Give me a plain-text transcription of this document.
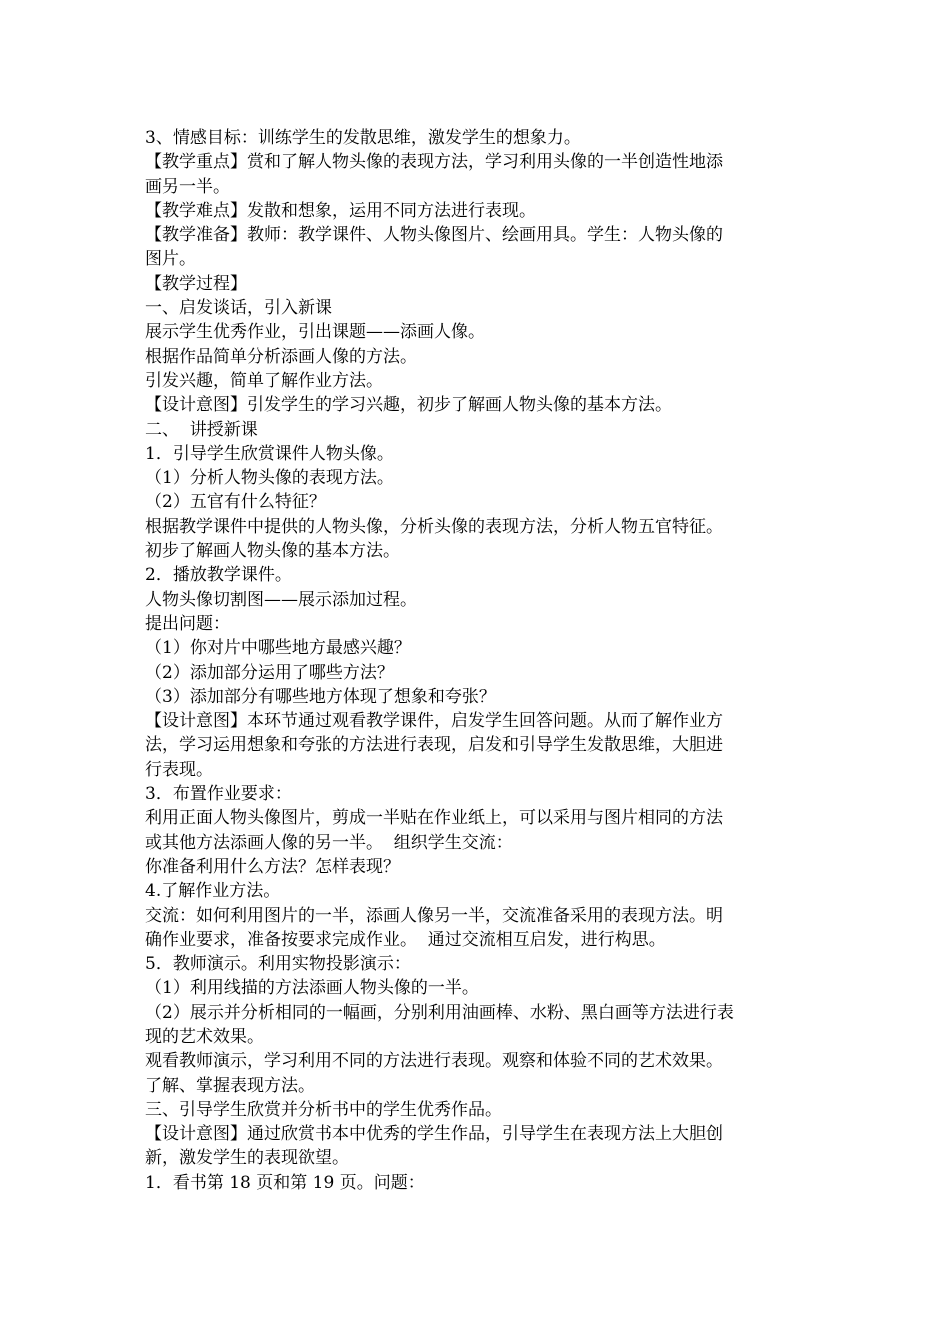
3、情感目标：训练学生的发散思维，激发学生的想象力。
【教学重点】赏和了解人物头像的表现方法，学习利用头像的一半创造性地添
画另一半。
【教学难点】发散和想象，运用不同方法进行表现。
【教学准备】教师：教学课件、人物头像图片、绘画用具。学生：人物头像的
图片。
【教学过程】
一、启发谈话，引入新课
展示学生优秀作业，引出课题——添画人像。
根据作品简单分析添画人像的方法。
引发兴趣，简单了解作业方法。
【设计意图】引发学生的学习兴趣，初步了解画人物头像的基本方法。
二、  讲授新课
1．引导学生欣赏课件人物头像。
（1）分析人物头像的表现方法。
（2）五官有什么特征？
根据教学课件中提供的人物头像，分析头像的表现方法，分析人物五官特征。
初步了解画人物头像的基本方法。
2．播放教学课件。
人物头像切割图——展示添加过程。
提出问题：
（1）你对片中哪些地方最感兴趣？
（2）添加部分运用了哪些方法？
（3）添加部分有哪些地方体现了想象和夸张？
【设计意图】本环节通过观看教学课件，启发学生回答问题。从而了解作业方
法，学习运用想象和夸张的方法进行表现，启发和引导学生发散思维，大胆进
行表现。
3．布置作业要求：
利用正面人物头像图片，剪成一半贴在作业纸上，可以采用与图片相同的方法
或其他方法添画人像的另一半。  组织学生交流：
你准备利用什么方法？怎样表现？
4.了解作业方法。
交流：如何利用图片的一半，添画人像另一半，交流准备采用的表现方法。明
确作业要求，准备按要求完成作业。  通过交流相互启发，进行构思。
5．教师演示。利用实物投影演示：
（1）利用线描的方法添画人物头像的一半。
（2）展示并分析相同的一幅画，分别利用油画棒、水粉、黑白画等方法进行表
现的艺术效果。
观看教师演示，学习利用不同的方法进行表现。观察和体验不同的艺术效果。
了解、掌握表现方法。
三、引导学生欣赏并分析书中的学生优秀作品。
【设计意图】通过欣赏书本中优秀的学生作品，引导学生在表现方法上大胆创
新，激发学生的表现欲望。
1．看书第 18 页和第 19 页。问题：
